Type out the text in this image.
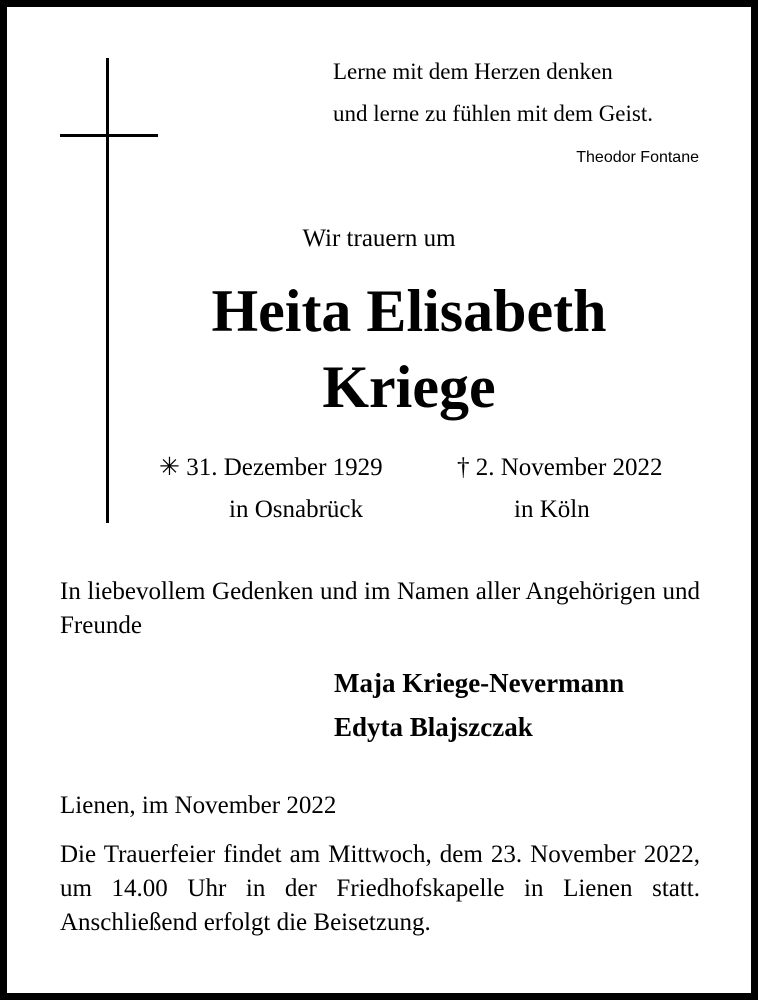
Lerne mit dem Herzen denken
und lerne zu fühlen mit dem Geist.
Theodor Fontane
Wir trauern um
Heita Elisabeth
Kriege
✳ 31. Dezember 1929
in Osnabrück
† 2. November 2022
in Köln
In liebevollem Gedenken und im Namen aller Angehörigen und Freunde
Maja Kriege-Nevermann
Edyta Blajszczak
Lienen, im November 2022
Die Trauerfeier findet am Mittwoch, dem 23. November 2022, um 14.00 Uhr in der Friedhofskapelle in Lienen statt. Anschließend erfolgt die Beisetzung.
